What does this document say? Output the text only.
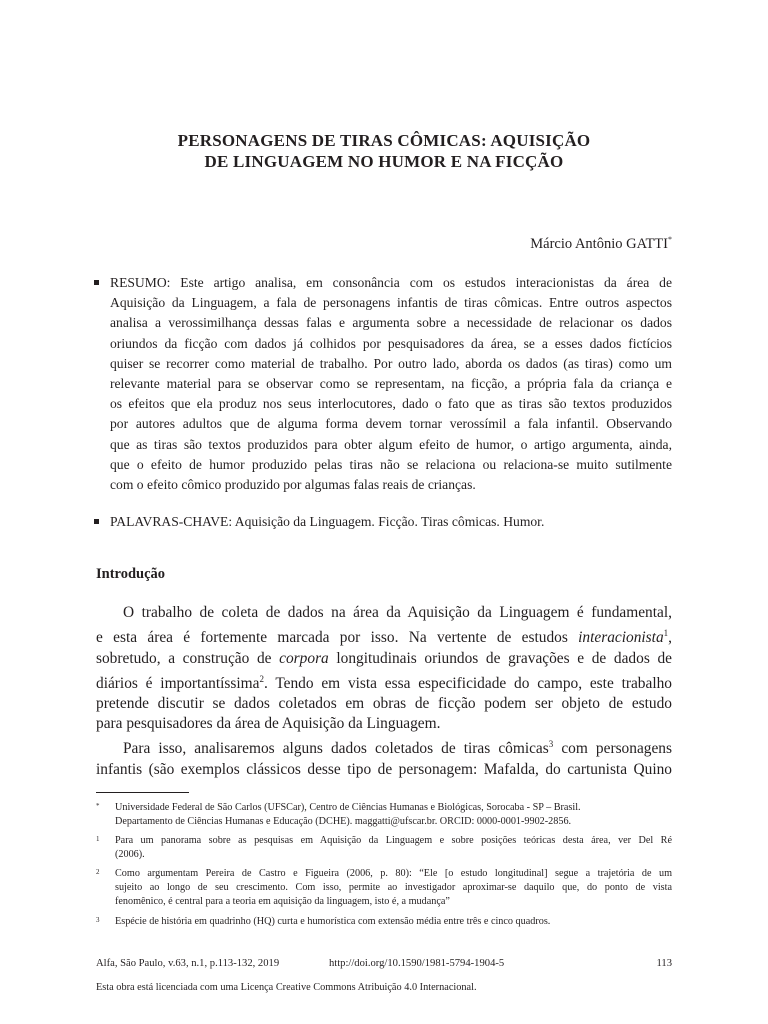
PERSONAGENS DE TIRAS CÔMICAS: AQUISIÇÃO
DE LINGUAGEM NO HUMOR E NA FICÇÃO
Márcio Antônio GATTI*
RESUMO: Este artigo analisa, em consonância com os estudos interacionistas da área de
Aquisição da Linguagem, a fala de personagens infantis de tiras cômicas. Entre outros aspectos
analisa a verossimilhança dessas falas e argumenta sobre a necessidade de relacionar os dados
oriundos da ficção com dados já colhidos por pesquisadores da área, se a esses dados fictícios
quiser se recorrer como material de trabalho. Por outro lado, aborda os dados (as tiras) como um
relevante material para se observar como se representam, na ficção, a própria fala da criança e
os efeitos que ela produz nos seus interlocutores, dado o fato que as tiras são textos produzidos
por autores adultos que de alguma forma devem tornar verossímil a fala infantil. Observando
que as tiras são textos produzidos para obter algum efeito de humor, o artigo argumenta, ainda,
que o efeito de humor produzido pelas tiras não se relaciona ou relaciona-se muito sutilmente
com o efeito cômico produzido por algumas falas reais de crianças.
PALAVRAS-CHAVE: Aquisição da Linguagem. Ficção. Tiras cômicas. Humor.
Introdução
O trabalho de coleta de dados na área da Aquisição da Linguagem é fundamental,
e esta área é fortemente marcada por isso. Na vertente de estudos interacionista$^1$,
sobretudo, a construção de corpora longitudinais oriundos de gravações e de dados de
diários é importantíssima$^2$. Tendo em vista essa especificidade do campo, este trabalho
pretende discutir se dados coletados em obras de ficção podem ser objeto de estudo
para pesquisadores da área de Aquisição da Linguagem.
Para isso, analisaremos alguns dados coletados de tiras cômicas$^3$ com personagens
infantis (são exemplos clássicos desse tipo de personagem: Mafalda, do cartunista Quino
* Universidade Federal de São Carlos (UFSCar), Centro de Ciências Humanas e Biológicas, Sorocaba - SP – Brasil.
Departamento de Ciências Humanas e Educação (DCHE). maggatti@ufscar.br. ORCID: 0000-0001-9902-2856.
1 Para um panorama sobre as pesquisas em Aquisição da Linguagem e sobre posições teóricas desta área, ver Del Ré
(2006).
2 Como argumentam Pereira de Castro e Figueira (2006, p. 80): “Ele [o estudo longitudinal] segue a trajetória de um
sujeito ao longo de seu crescimento. Com isso, permite ao investigador aproximar-se daquilo que, do ponto de vista
fenomênico, é central para a teoria em aquisição da linguagem, isto é, a mudança”
3 Espécie de história em quadrinho (HQ) curta e humorística com extensão média entre três e cinco quadros.
Alfa, São Paulo, v.63, n.1, p.113-132, 2019	http://doi.org/10.1590/1981-5794-1904-5	113
Esta obra está licenciada com uma Licença Creative Commons Atribuição 4.0 Internacional.
